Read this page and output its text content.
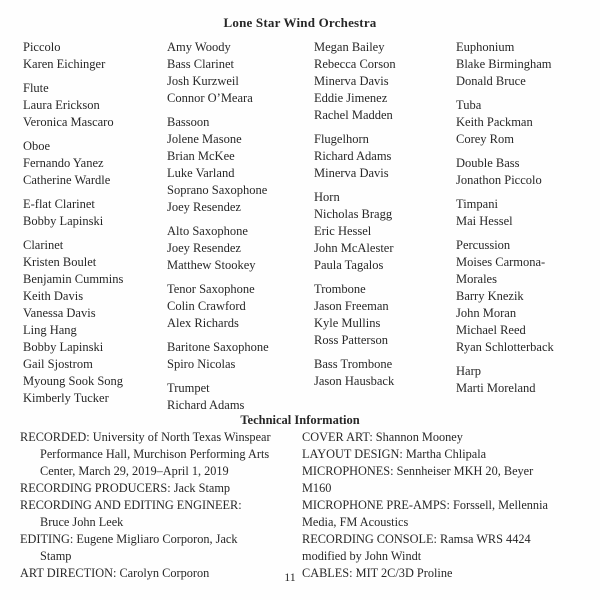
Lone Star Wind Orchestra
Piccolo
Karen Eichinger
Flute
Laura Erickson
Veronica Mascaro
Oboe
Fernando Yanez
Catherine Wardle
E-flat Clarinet
Bobby Lapinski
Clarinet
Kristen Boulet
Benjamin Cummins
Keith Davis
Vanessa Davis
Ling Hang
Bobby Lapinski
Gail Sjostrom
Myoung Sook Song
Kimberly Tucker
Amy Woody
Bass Clarinet
Josh Kurzweil
Connor O’Meara
Bassoon
Jolene Masone
Brian McKee
Luke Varland
Soprano Saxophone
Joey Resendez
Alto Saxophone
Joey Resendez
Matthew Stookey
Tenor Saxophone
Colin Crawford
Alex Richards
Baritone Saxophone
Spiro Nicolas
Trumpet
Richard Adams
Megan Bailey
Rebecca Corson
Minerva Davis
Eddie Jimenez
Rachel Madden
Flugelhorn
Richard Adams
Minerva Davis
Horn
Nicholas Bragg
Eric Hessel
John McAlester
Paula Tagalos
Trombone
Jason Freeman
Kyle Mullins
Ross Patterson
Bass Trombone
Jason Hausback
Euphonium
Blake Birmingham
Donald Bruce
Tuba
Keith Packman
Corey Rom
Double Bass
Jonathon Piccolo
Timpani
Mai Hessel
Percussion
Moises Carmona-
Morales
Barry Knezik
John Moran
Michael Reed
Ryan Schlotterback
Harp
Marti Moreland
Technical Information
RECORDED: University of North Texas Winspear
Performance Hall, Murchison Performing Arts
Center, March 29, 2019–April 1, 2019
RECORDING PRODUCERS: Jack Stamp
RECORDING AND EDITING ENGINEER:
Bruce John Leek
EDITING: Eugene Migliaro Corporon, Jack
Stamp
ART DIRECTION: Carolyn Corporon
COVER ART: Shannon Mooney
LAYOUT DESIGN: Martha Chlipala
MICROPHONES: Sennheiser MKH 20, Beyer
M160
MICROPHONE PRE-AMPS: Forssell, Mellennia
Media, FM Acoustics
RECORDING CONSOLE: Ramsa WRS 4424
modified by John Windt
CABLES: MIT 2C/3D Proline
11
